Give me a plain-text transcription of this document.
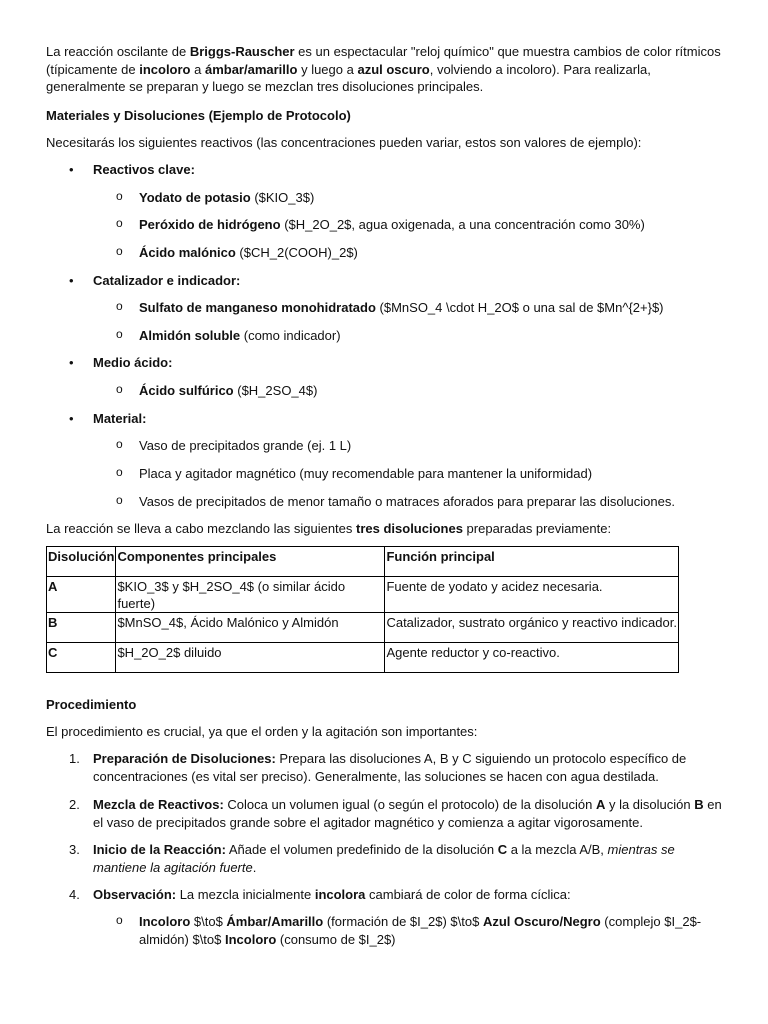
La reacción oscilante de Briggs-Rauscher es un espectacular "reloj químico" que muestra cambios de color rítmicos (típicamente de incoloro a ámbar/amarillo y luego a azul oscuro, volviendo a incoloro). Para realizarla, generalmente se preparan y luego se mezclan tres disoluciones principales.

Materiales y Disoluciones (Ejemplo de Protocolo)

Necesitarás los siguientes reactivos (las concentraciones pueden variar, estos son valores de ejemplo):

• Reactivos clave:
o Yodato de potasio ($KIO_3$)
o Peróxido de hidrógeno ($H_2O_2$, agua oxigenada, a una concentración como 30%)
o Ácido malónico ($CH_2(COOH)_2$)
• Catalizador e indicador:
o Sulfato de manganeso monohidratado ($MnSO_4 \cdot H_2O$ o una sal de $Mn^{2+}$)
o Almidón soluble (como indicador)
• Medio ácido:
o Ácido sulfúrico ($H_2SO_4$)
• Material:
o Vaso de precipitados grande (ej. 1 L)
o Placa y agitador magnético (muy recomendable para mantener la uniformidad)
o Vasos de precipitados de menor tamaño o matraces aforados para preparar las disoluciones.

La reacción se lleva a cabo mezclando las siguientes tres disoluciones preparadas previamente:

Disolución	Componentes principales	Función principal
A	$KIO_3$ y $H_2SO_4$ (o similar ácido fuerte)	Fuente de yodato y acidez necesaria.
B	$MnSO_4$, Ácido Malónico y Almidón	Catalizador, sustrato orgánico y reactivo indicador.
C	$H_2O_2$ diluido	Agente reductor y co-reactivo.

Procedimiento

El procedimiento es crucial, ya que el orden y la agitación son importantes:

1. Preparación de Disoluciones: Prepara las disoluciones A, B y C siguiendo un protocolo específico de concentraciones (es vital ser preciso). Generalmente, las soluciones se hacen con agua destilada.
2. Mezcla de Reactivos: Coloca un volumen igual (o según el protocolo) de la disolución A y la disolución B en el vaso de precipitados grande sobre el agitador magnético y comienza a agitar vigorosamente.
3. Inicio de la Reacción: Añade el volumen predefinido de la disolución C a la mezcla A/B, mientras se mantiene la agitación fuerte.
4. Observación: La mezcla inicialmente incolora cambiará de color de forma cíclica:
o Incoloro $\to$ Ámbar/Amarillo (formación de $I_2$) $\to$ Azul Oscuro/Negro (complejo $I_2$-almidón) $\to$ Incoloro (consumo de $I_2$)
